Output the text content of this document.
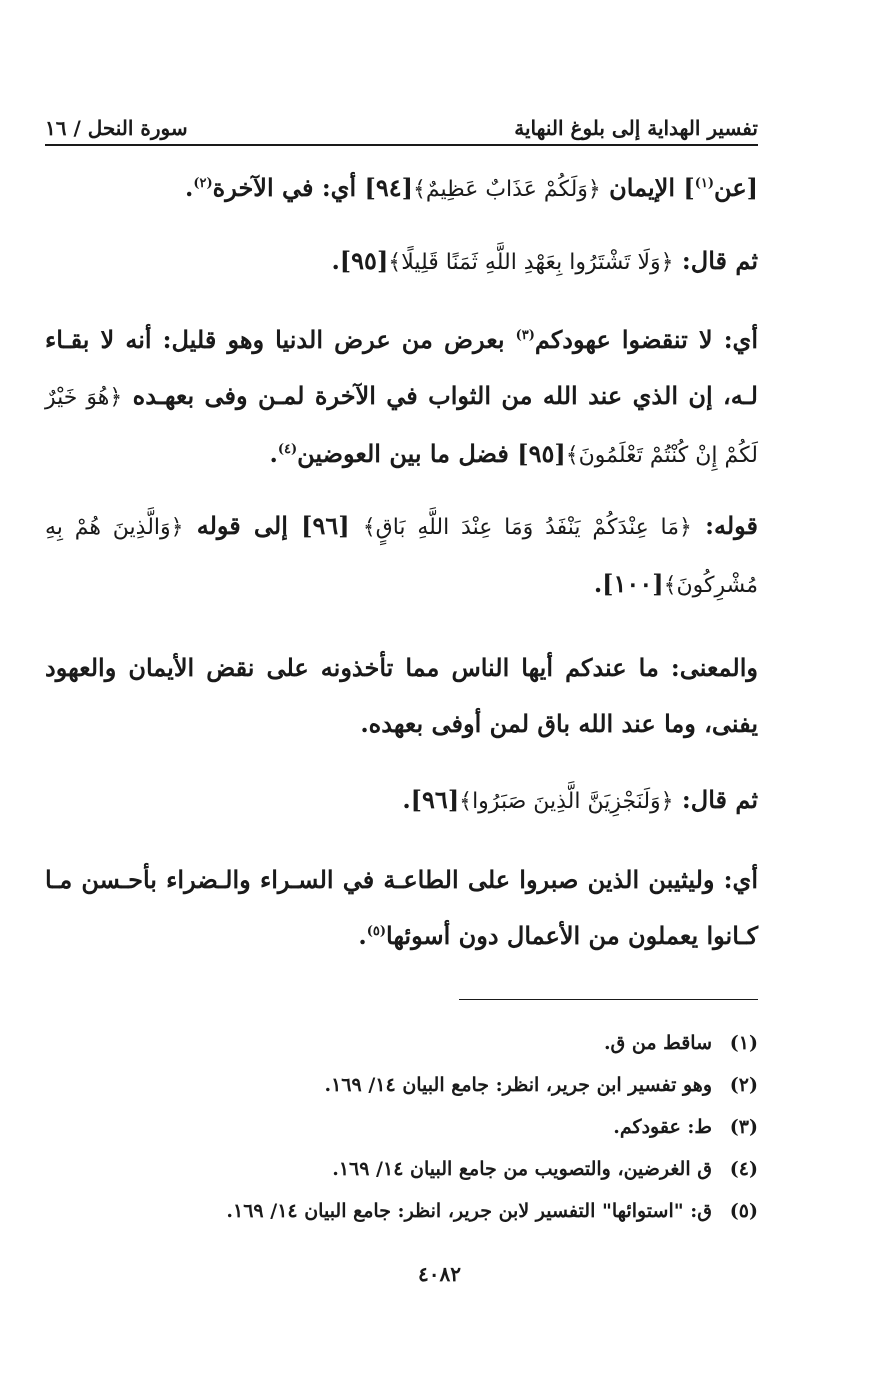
تفسير الهداية إلى بلوغ النهاية
سورة النحل / ١٦

[عن$^{(١)}$] الإيمان ﴿وَلَكُمْ عَذَابٌ عَظِيمٌ﴾[٩٤] أي: في الآخرة$^{(٢)}$.

ثم قال: ﴿وَلَا تَشْتَرُوا بِعَهْدِ اللَّهِ ثَمَنًا قَلِيلًا﴾[٩٥].

أي: لا تنقضوا عهودكم$^{(٣)}$ بعرض من عرض الدنيا وهو قليل: أنه لا بقـاء لـه، إن الذي عند الله من الثواب في الآخرة لمـن وفى بعهـده ﴿هُوَ خَيْرٌ لَكُمْ إِنْ كُنْتُمْ تَعْلَمُونَ﴾[٩٥] فضل ما بين العوضين$^{(٤)}$.

قوله: ﴿مَا عِنْدَكُمْ يَنْفَدُ وَمَا عِنْدَ اللَّهِ بَاقٍ﴾ [٩٦] إلى قوله ﴿وَالَّذِينَ هُمْ بِهِ مُشْرِكُونَ﴾[١٠٠].

والمعنى: ما عندكم أيها الناس مما تأخذونه على نقض الأيمان والعهود يفنى، وما عند الله باق لمن أوفى بعهده.

ثم قال: ﴿وَلَنَجْزِيَنَّ الَّذِينَ صَبَرُوا﴾[٩٦].

أي: وليثيبن الذين صبروا على الطاعـة في السـراء والـضراء بأحـسن مـا كـانوا يعملون من الأعمال دون أسوئها$^{(٥)}$.

(١)
ساقط من ق.
(٢)
وهو تفسير ابن جرير، انظر: جامع البيان ١٤/ ١٦٩.
(٣)
ط: عقودكم.
(٤)
ق الغرضين، والتصويب من جامع البيان ١٤/ ١٦٩.
(٥)
ق: "استوائها" التفسير لابن جرير، انظر: جامع البيان ١٤/ ١٦٩.
٤٠٨٢
